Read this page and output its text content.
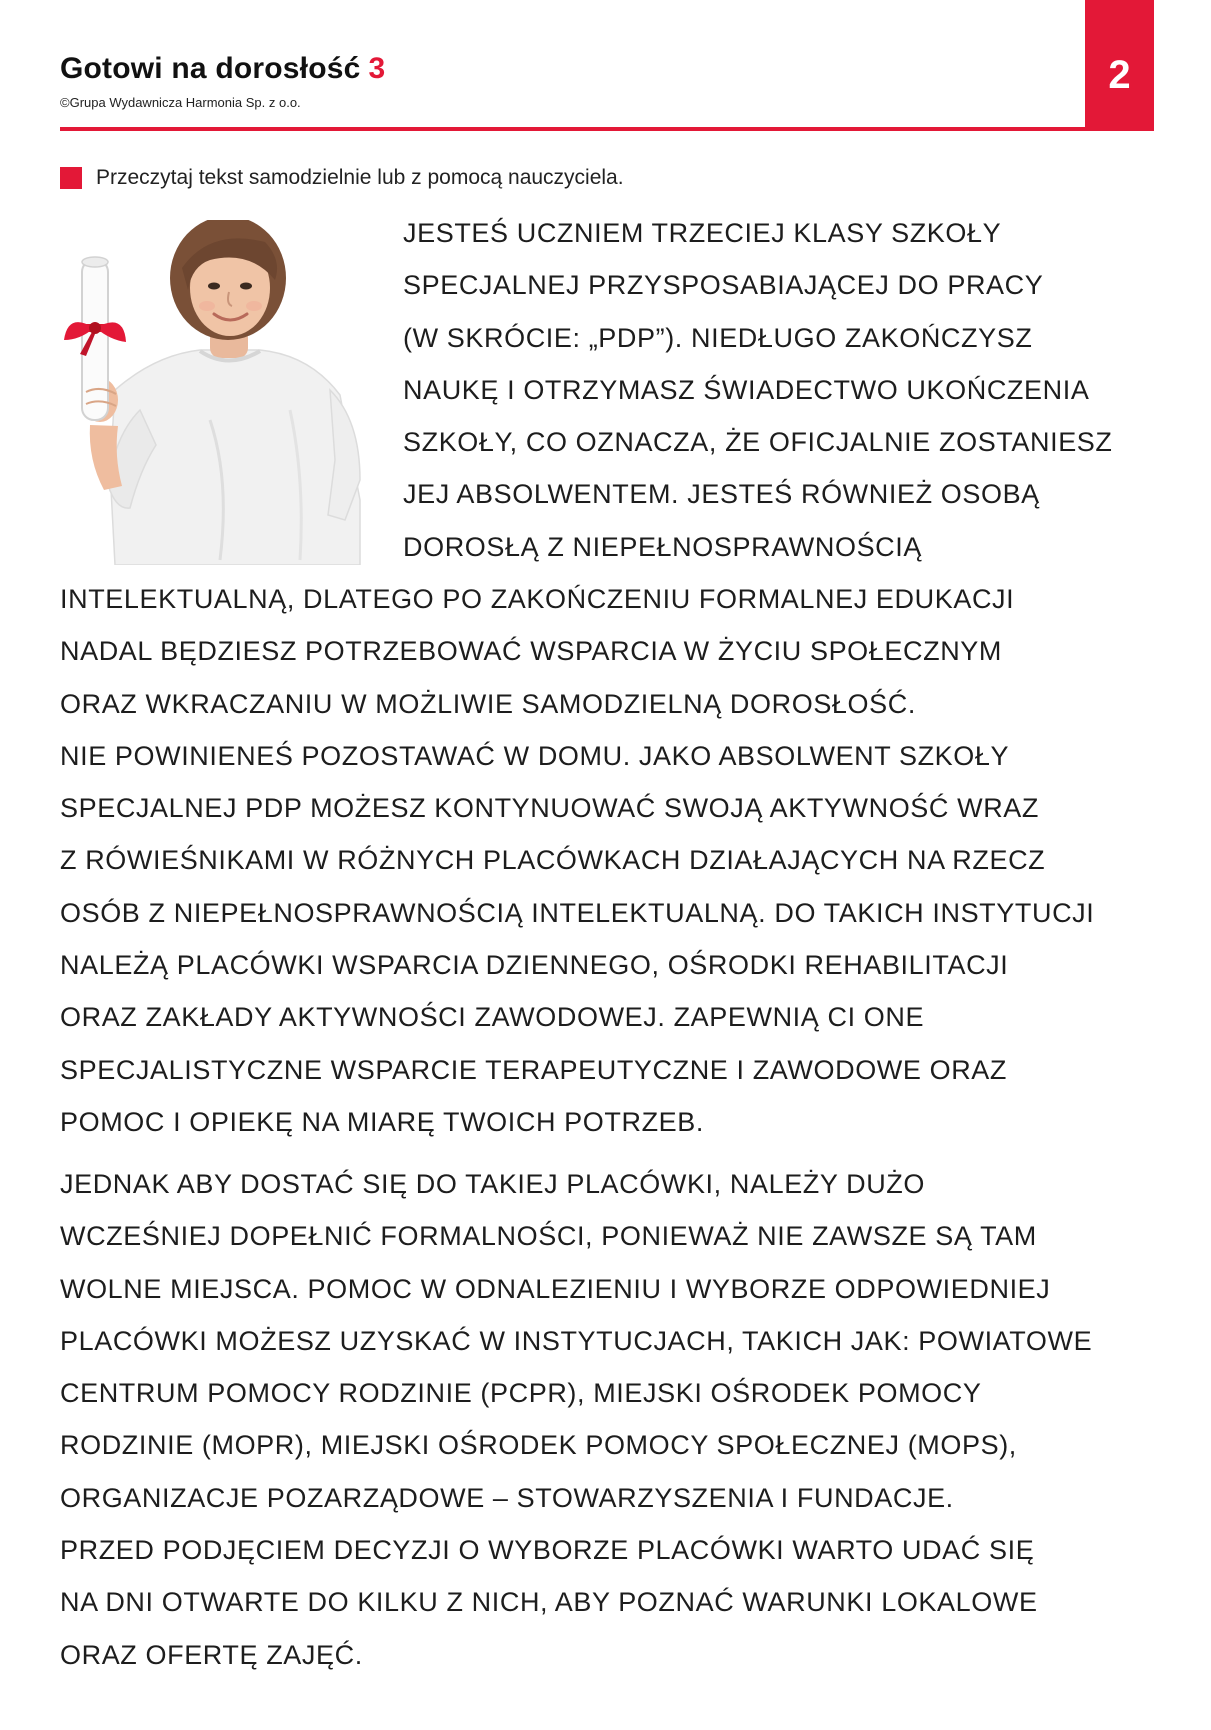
Gotowi na dorosłość 3
©Grupa Wydawnicza Harmonia Sp. z o.o.
2
Przeczytaj tekst samodzielnie lub z pomocą nauczyciela.
JESTEŚ UCZNIEM TRZECIEJ KLASY SZKOŁY
SPECJALNEJ PRZYSPOSABIAJĄCEJ DO PRACY
(W SKRÓCIE: „PDP”). NIEDŁUGO ZAKOŃCZYSZ
NAUKĘ I OTRZYMASZ ŚWIADECTWO UKOŃCZENIA
SZKOŁY, CO OZNACZA, ŻE OFICJALNIE ZOSTANIESZ
JEJ ABSOLWENTEM. JESTEŚ RÓWNIEŻ OSOBĄ
DOROSŁĄ Z NIEPEŁNOSPRAWNOŚCIĄ
INTELEKTUALNĄ, DLATEGO PO ZAKOŃCZENIU FORMALNEJ EDUKACJI
NADAL BĘDZIESZ POTRZEBOWAĆ WSPARCIA W ŻYCIU SPOŁECZNYM
ORAZ WKRACZANIU W MOŻLIWIE SAMODZIELNĄ DOROSŁOŚĆ.
NIE POWINIENEŚ POZOSTAWAĆ W DOMU. JAKO ABSOLWENT SZKOŁY
SPECJALNEJ PDP MOŻESZ KONTYNUOWAĆ SWOJĄ AKTYWNOŚĆ WRAZ
Z RÓWIEŚNIKAMI W RÓŻNYCH PLACÓWKACH DZIAŁAJĄCYCH NA RZECZ
OSÓB Z NIEPEŁNOSPRAWNOŚCIĄ INTELEKTUALNĄ. DO TAKICH INSTYTUCJI
NALEŻĄ PLACÓWKI WSPARCIA DZIENNEGO, OŚRODKI REHABILITACJI
ORAZ ZAKŁADY AKTYWNOŚCI ZAWODOWEJ. ZAPEWNIĄ CI ONE
SPECJALISTYCZNE WSPARCIE TERAPEUTYCZNE I ZAWODOWE ORAZ
POMOC I OPIEKĘ NA MIARĘ TWOICH POTRZEB.
JEDNAK ABY DOSTAĆ SIĘ DO TAKIEJ PLACÓWKI, NALEŻY DUŻO
WCZEŚNIEJ DOPEŁNIĆ FORMALNOŚCI, PONIEWAŻ NIE ZAWSZE SĄ TAM
WOLNE MIEJSCA. POMOC W ODNALEZIENIU I WYBORZE ODPOWIEDNIEJ
PLACÓWKI MOŻESZ UZYSKAĆ W INSTYTUCJACH, TAKICH JAK: POWIATOWE
CENTRUM POMOCY RODZINIE (PCPR), MIEJSKI OŚRODEK POMOCY
RODZINIE (MOPR), MIEJSKI OŚRODEK POMOCY SPOŁECZNEJ (MOPS),
ORGANIZACJE POZARZĄDOWE – STOWARZYSZENIA I FUNDACJE.
PRZED PODJĘCIEM DECYZJI O WYBORZE PLACÓWKI WARTO UDAĆ SIĘ
NA DNI OTWARTE DO KILKU Z NICH, ABY POZNAĆ WARUNKI LOKALOWE
ORAZ OFERTĘ ZAJĘĆ.
